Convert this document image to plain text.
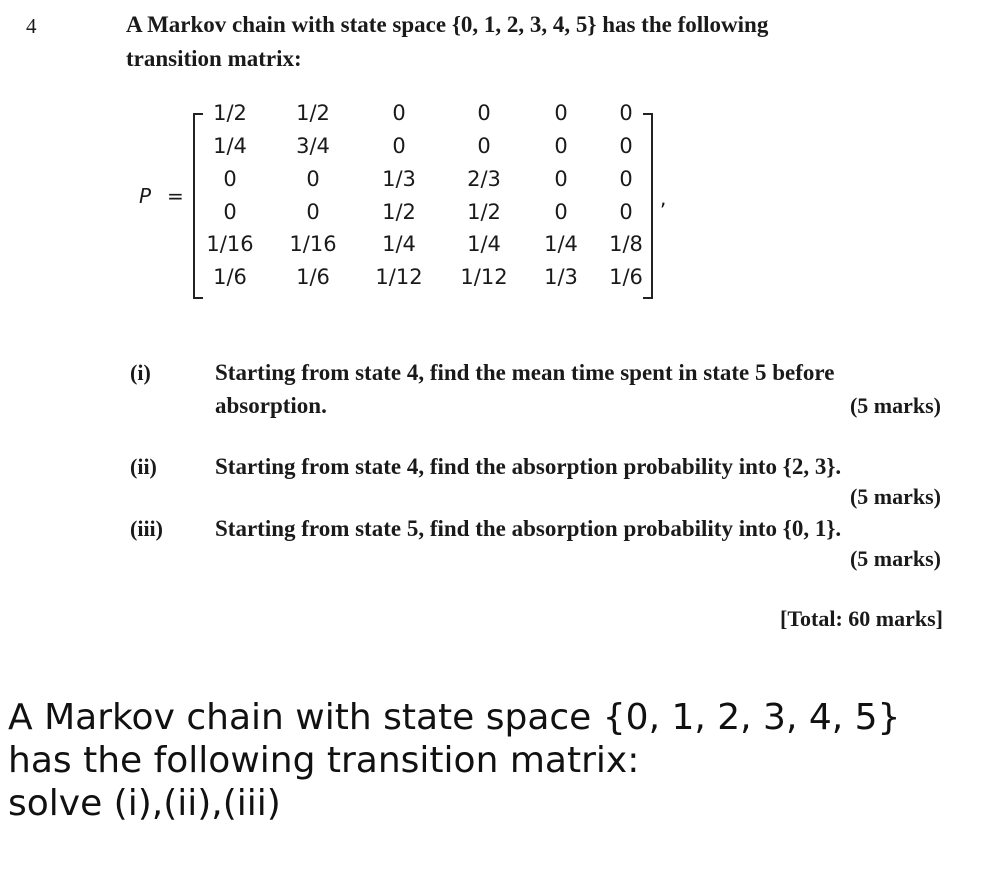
4	A Markov chain with state space {0, 1, 2, 3, 4, 5} has the following
transition matrix:
P =	,
1/2	1/2	0	0	0	0
1/4	3/4	0	0	0	0
0	0	1/3	2/3	0	0
0	0	1/2	1/2	0	0
1/16	1/16	1/4	1/4	1/4	1/8
1/6	1/6	1/12	1/12	1/3	1/6
(i)	Starting from state 4, find the mean time spent in state 5 before
absorption.	(5 marks)
(ii)	Starting from state 4, find the absorption probability into {2, 3}.
(5 marks)
(iii) Starting from state 5, find the absorption probability into {0, 1}.
(5 marks)
[Total: 60 marks]
A Markov chain with state space {0, 1, 2, 3, 4, 5}
has the following transition matrix:
solve (i),(ii),(iii)
